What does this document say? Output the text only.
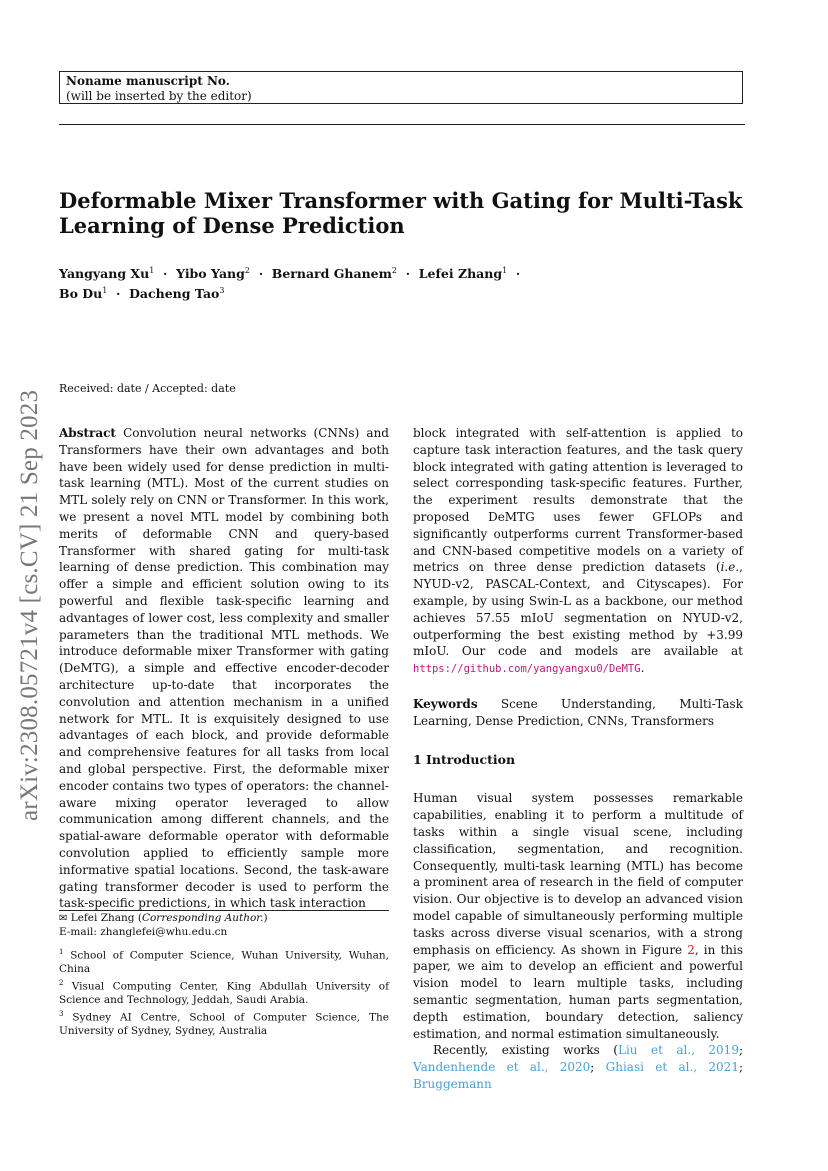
Noname manuscript No.
(will be inserted by the editor)
Deformable Mixer Transformer with Gating for Multi-Task Learning of Dense Prediction
Yangyang $Xu^1$ · Yibo Yang$^2$ · Bernard Ghanem$^2$ · Lefei Zhang$^1$ ·
Bo $Du^1$ · Dacheng Tao$^3$
arXiv:2308.05721v4 [cs.CV] 21 Sep 2023
Received: date / Accepted: date

Abstract Convolution neural networks (CNNs) and Transformers have their own advantages and both have been widely used for dense prediction in multi-task learning (MTL). Most of the current studies on MTL solely rely on CNN or Transformer. In this work, we present a novel MTL model by combining both merits of deformable CNN and query-based Transformer with shared gating for multi-task learning of dense prediction. This combination may offer a simple and efficient solution owing to its powerful and flexible task-specific learning and advantages of lower cost, less complexity and smaller parameters than the traditional MTL methods. We introduce deformable mixer Transformer with gating (DeMTG), a simple and effective encoder-decoder architecture up-to-date that incorporates the convolution and attention mechanism in a unified network for MTL. It is exquisitely designed to use advantages of each block, and provide deformable and comprehensive features for all tasks from local and global perspective. First, the deformable mixer encoder contains two types of operators: the channel-aware mixing operator leveraged to allow communication among different channels, and the spatial-aware deformable operator with deformable convolution applied to efficiently sample more informative spatial locations. Second, the task-aware gating transformer decoder is used to perform the task-specific predictions, in which task interaction

block integrated with self-attention is applied to capture task interaction features, and the task query block integrated with gating attention is leveraged to select corresponding task-specific features. Further, the experiment results demonstrate that the proposed DeMTG uses fewer GFLOPs and significantly outperforms current Transformer-based and CNN-based competitive models on a variety of metrics on three dense prediction datasets (i.e., NYUD-v2, PASCAL-Context, and Cityscapes). For example, by using Swin-L as a backbone, our method achieves 57.55 mIoU segmentation on NYUD-v2, outperforming the best existing method by +3.99 mIoU. Our code and models are available at https://github.com/yangyangxu0/DeMTG.

Keywords Scene Understanding, Multi-Task Learning, Dense Prediction, CNNs, Transformers

1 Introduction

Human visual system possesses remarkable capabilities, enabling it to perform a multitude of tasks within a single visual scene, including classification, segmentation, and recognition. Consequently, multi-task learning (MTL) has become a prominent area of research in the field of computer vision. Our objective is to develop an advanced vision model capable of simultaneously performing multiple tasks across diverse visual scenarios, with a strong emphasis on efficiency. As shown in Figure 2, in this paper, we aim to develop an efficient and powerful vision model to learn multiple tasks, including semantic segmentation, human parts segmentation, depth estimation, boundary detection, saliency estimation, and normal estimation simultaneously.

Recently, existing works (Liu et al., 2019; Vandenhende et al., 2020; Ghiasi et al., 2021; Bruggemann

✉ Lefei Zhang (Corresponding Author.)

E-mail: zhanglefei@whu.edu.cn

$^1$ School of Computer Science, Wuhan University, Wuhan, China

$^2$ Visual Computing Center, King Abdullah University of Science and Technology, Jeddah, Saudi Arabia.

$^3$ Sydney AI Centre, School of Computer Science, The University of Sydney, Sydney, Australia
